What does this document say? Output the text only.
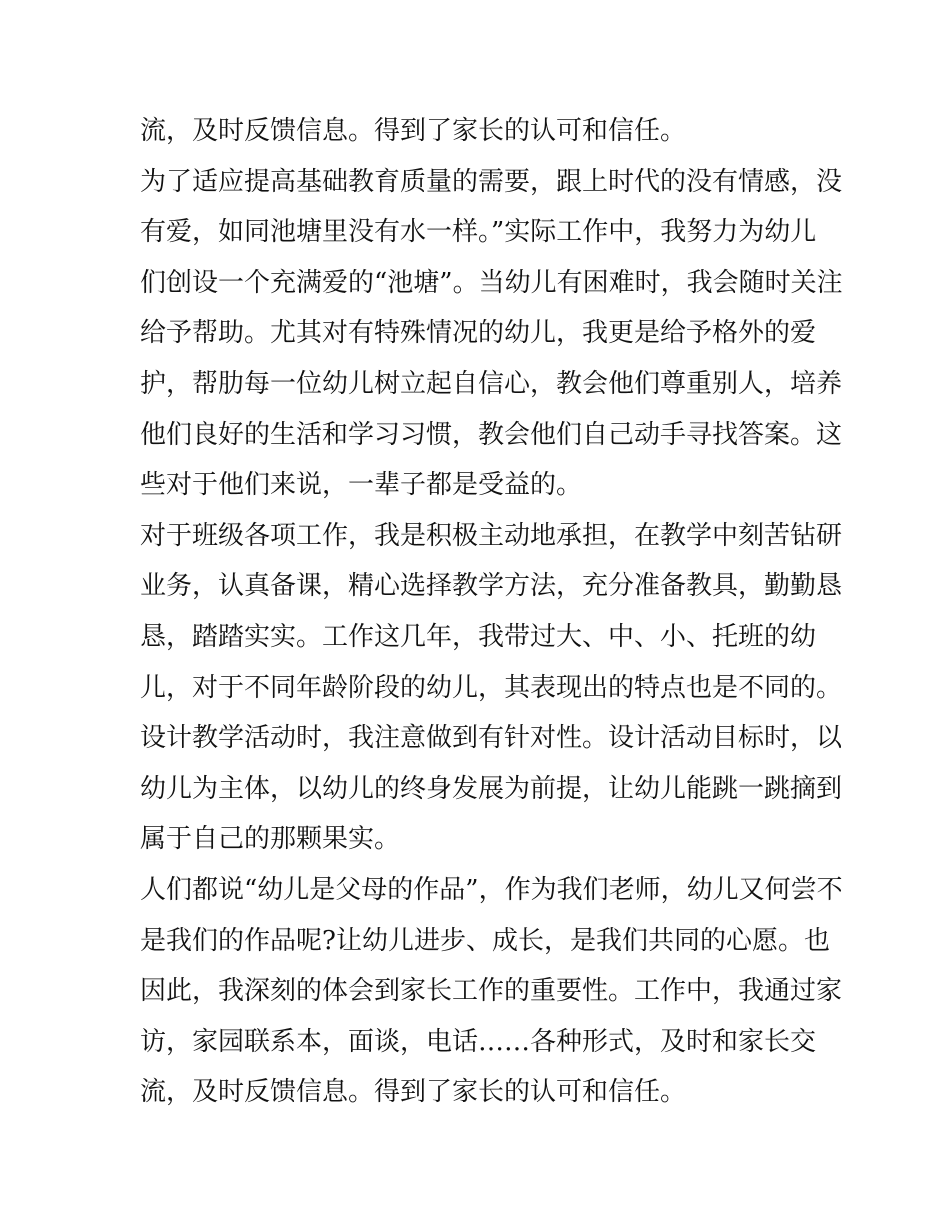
流，及时反馈信息。得到了家长的认可和信任。
为了适应提高基础教育质量的需要，跟上时代的没有情感，没
有爱，如同池塘里没有水一样。”实际工作中，我努力为幼儿
们创设一个充满爱的“池塘”。当幼儿有困难时，我会随时关注
给予帮助。尤其对有特殊情况的幼儿，我更是给予格外的爱
护，帮肋每一位幼儿树立起自信心，教会他们尊重别人，培养
他们良好的生活和学习习惯，教会他们自己动手寻找答案。这
些对于他们来说，一辈子都是受益的。
对于班级各项工作，我是积极主动地承担，在教学中刻苦钻研
业务，认真备课，精心选择教学方法，充分准备教具，勤勤恳
恳，踏踏实实。工作这几年，我带过大、中、小、托班的幼
儿，对于不同年龄阶段的幼儿，其表现出的特点也是不同的。
设计教学活动时，我注意做到有针对性。设计活动目标时，以
幼儿为主体，以幼儿的终身发展为前提，让幼儿能跳一跳摘到
属于自己的那颗果实。
人们都说“幼儿是父母的作品”，作为我们老师，幼儿又何尝不
是我们的作品呢?让幼儿进步、成长，是我们共同的心愿。也
因此，我深刻的体会到家长工作的重要性。工作中，我通过家
访，家园联系本，面谈，电话……各种形式，及时和家长交
流，及时反馈信息。得到了家长的认可和信任。
